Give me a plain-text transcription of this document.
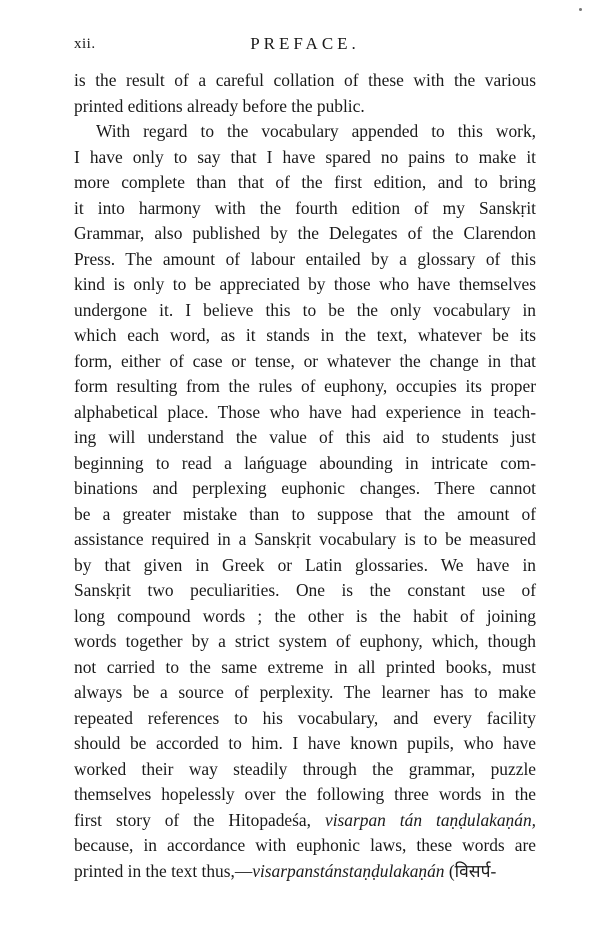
xii.	PREFACE.
is the result of a careful collation of these with the various
printed editions already before the public.
With regard to the vocabulary appended to this work,
I have only to say that I have spared no pains to make it
more complete than that of the first edition, and to bring
it into harmony with the fourth edition of my Sanskṛit
Grammar, also published by the Delegates of the Clarendon
Press. The amount of labour entailed by a glossary of this
kind is only to be appreciated by those who have themselves
undergone it. I believe this to be the only vocabulary in
which each word, as it stands in the text, whatever be its
form, either of case or tense, or whatever the change in that
form resulting from the rules of euphony, occupies its proper
alphabetical place. Those who have had experience in teach-
ing will understand the value of this aid to students just
beginning to read a lańguage abounding in intricate com-
binations and perplexing euphonic changes. There cannot
be a greater mistake than to suppose that the amount of
assistance required in a Sanskṛit vocabulary is to be measured
by that given in Greek or Latin glossaries. We have in
Sanskṛit two peculiarities. One is the constant use of
long compound words ; the other is the habit of joining
words together by a strict system of euphony, which, though
not carried to the same extreme in all printed books, must
always be a source of perplexity. The learner has to make
repeated references to his vocabulary, and every facility
should be accorded to him. I have known pupils, who have
worked their way steadily through the grammar, puzzle
themselves hopelessly over the following three words in the
first story of the Hitopadeśa, visarpan tán taṇḍulakaṇán,
because, in accordance with euphonic laws, these words are
printed in the text thus,—visarpanstánstaṇḍulakaṇán (विसर्प-
